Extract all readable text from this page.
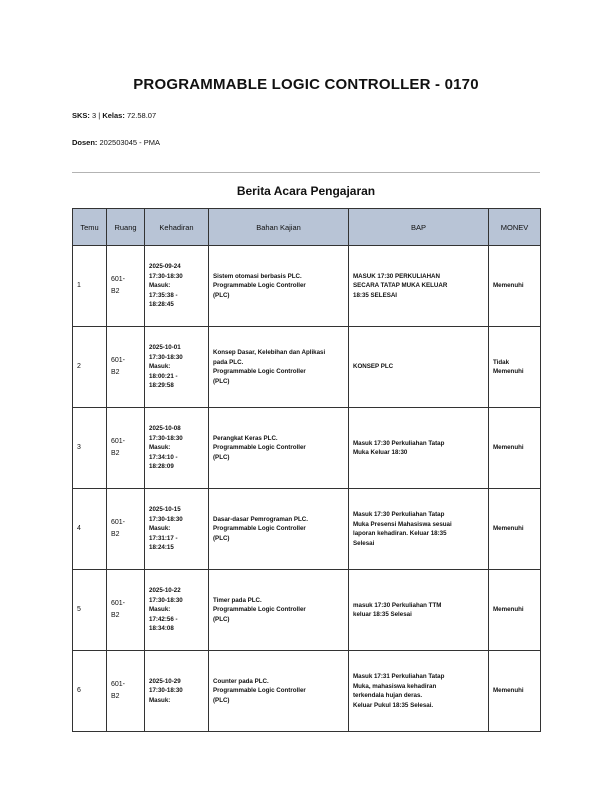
PROGRAMMABLE LOGIC CONTROLLER - 0170
SKS: 3 | Kelas: 72.58.07
Dosen: 202503045 - PMA
Berita Acara Pengajaran
Temu	Ruang	Kehadiran	Bahan Kajian	BAP	MONEV
1	601-
B2	2025-09-24
17:30-18:30
Masuk:
17:35:38 -
18:28:45	Sistem otomasi berbasis PLC.
Programmable Logic Controller
(PLC)	MASUK 17:30 PERKULIAHAN
SECARA TATAP MUKA KELUAR
18:35 SELESAI	Memenuhi

2	601-
B2	2025-10-01
17:30-18:30
Masuk:
18:00:21 -
18:29:58	Konsep Dasar, Kelebihan dan Aplikasi
pada PLC.
Programmable Logic Controller
(PLC)	KONSEP PLC	Tidak
Memenuhi

3	601-
B2	2025-10-08
17:30-18:30
Masuk:
17:34:10 -
18:28:09	Perangkat Keras PLC.
Programmable Logic Controller
(PLC)	Masuk 17:30 Perkuliahan Tatap
Muka Keluar 18:30	Memenuhi

4	601-
B2	2025-10-15
17:30-18:30
Masuk:
17:31:17 -
18:24:15	Dasar-dasar Pemrograman PLC.
Programmable Logic Controller
(PLC)	Masuk 17:30 Perkuliahan Tatap
Muka Presensi Mahasiswa sesuai
laporan kehadiran. Keluar 18:35
Selesai	Memenuhi

5	601-
B2	2025-10-22
17:30-18:30
Masuk:
17:42:56 -
18:34:08	Timer pada PLC.
Programmable Logic Controller
(PLC)	masuk 17:30 Perkuliahan TTM
keluar 18:35 Selesai	Memenuhi

6	601-
B2	2025-10-29
17:30-18:30
Masuk:	Counter pada PLC.
Programmable Logic Controller
(PLC)	Masuk 17:31 Perkuliahan Tatap
Muka, mahasiswa kehadiran
terkendala hujan deras.
Keluar Pukul 18:35 Selesai.	Memenuhi
